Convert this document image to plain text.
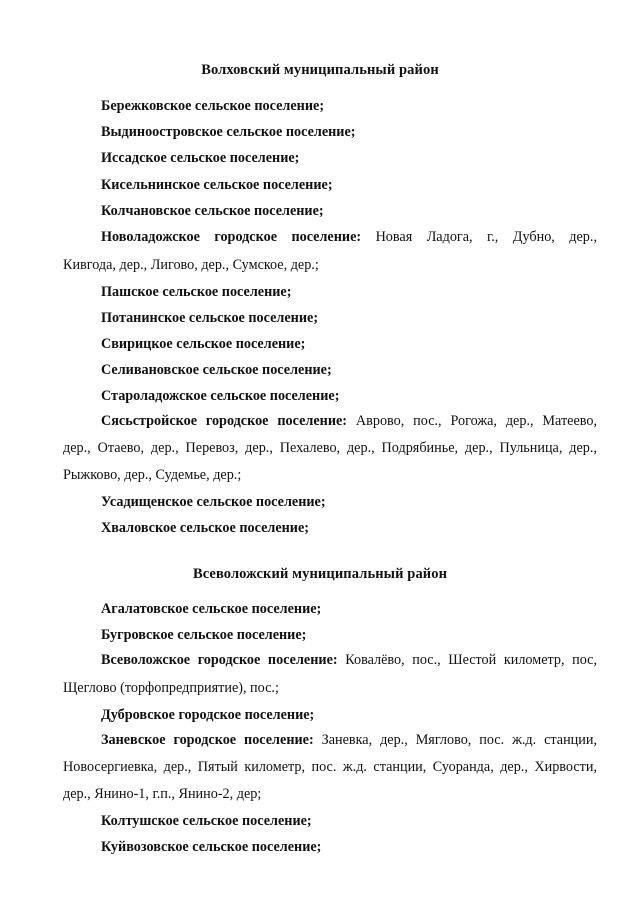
Волховский муниципальный район
Бережковское сельское поселение;
Выдиноостровское сельское поселение;
Иссадское сельское поселение;
Кисельнинское сельское поселение;
Колчановское сельское поселение;
Новоладожское городское поселение: Новая Ладога, г., Дубно, дер.,
Кивгода, дер., Лигово, дер., Сумское, дер.;
Пашское сельское поселение;
Потанинское сельское поселение;
Свирицкое сельское поселение;
Селивановское сельское поселение;
Староладожское сельское поселение;
Сясьстройское городское поселение: Аврово, пос., Рогожа, дер., Матеево,
дер., Отаево, дер., Перевоз, дер., Пехалево, дер., Подрябинье, дер., Пульница, дер.,
Рыжково, дер., Судемье, дер.;
Усадищенское сельское поселение;
Хваловское сельское поселение;
Всеволожский муниципальный район
Агалатовское сельское поселение;
Бугровское сельское поселение;
Всеволожское городское поселение: Ковалёво, пос., Шестой километр, пос,
Щеглово (торфопредприятие), пос.;
Дубровское городское поселение;
Заневское городское поселение: Заневка, дер., Мяглово, пос. ж.д. станции,
Новосергиевка, дер., Пятый километр, пос. ж.д. станции, Суоранда, дер., Хирвости,
дер., Янино-1, г.п., Янино-2, дер;
Колтушское сельское поселение;
Куйвозовское сельское поселение;
